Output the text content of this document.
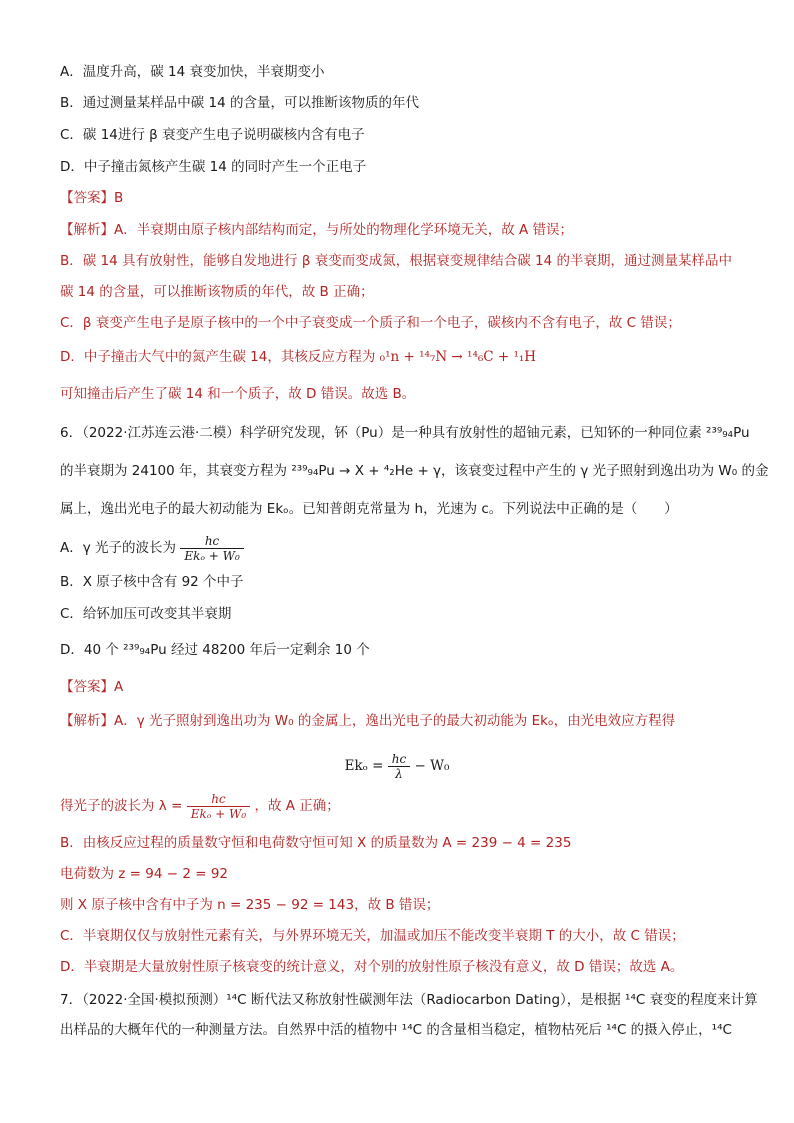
A．温度升高，碳 14 衰变加快，半衰期变小
B．通过测量某样品中碳 14 的含量，可以推断该物质的年代
C．碳 14进行 β 衰变产生电子说明碳核内含有电子
D．中子撞击氮核产生碳 14 的同时产生一个正电子
【答案】B
【解析】A．半衰期由原子核内部结构而定，与所处的物理化学环境无关，故 A 错误；
B．碳 14 具有放射性，能够自发地进行 β 衰变而变成氮，根据衰变规律结合碳 14 的半衰期，通过测量某样品中
碳 14 的含量，可以推断该物质的年代，故 B 正确；
C．β 衰变产生电子是原子核中的一个中子衰变成一个质子和一个电子，碳核内不含有电子，故 C 错误；
D．中子撞击大气中的氮产生碳 14，其核反应方程为 ₀¹n + ¹⁴₇N → ¹⁴₆C + ¹₁H
可知撞击后产生了碳 14 和一个质子，故 D 错误。故选 B。
6．（2022·江苏连云港·二模）科学研究发现，钚（Pu）是一种具有放射性的超铀元素，已知钚的一种同位素 ²³⁹₉₄Pu
的半衰期为 24100 年，其衰变方程为 ²³⁹₉₄Pu → X + ⁴₂He + γ，该衰变过程中产生的 γ 光子照射到逸出功为 W₀ 的金
属上，逸出光电子的最大初动能为 Ekₒ。已知普朗克常量为 h，光速为 c。下列说法中正确的是（　　）
A．γ 光子的波长为 $\frac{hc}{\text{Ekₒ + W₀}}$
B．X 原子核中含有 92 个中子
C．给钚加压可改变其半衰期
D．40 个 ²³⁹₉₄Pu 经过 48200 年后一定剩余 10 个
【答案】A
【解析】A．γ 光子照射到逸出功为 W₀ 的金属上，逸出光电子的最大初动能为 Ekₒ，由光电效应方程得
$Ek_o = \frac{hc}{\lambda} - W_0$
得光子的波长为 $\lambda = \frac{hc}{\text{Ekₒ + W₀}}$ ，故 A 正确；
B．由核反应过程的质量数守恒和电荷数守恒可知 X 的质量数为 A = 239 − 4 = 235
电荷数为 z = 94 − 2 = 92
则 X 原子核中含有中子为 n = 235 − 92 = 143，故 B 错误；
C．半衰期仅仅与放射性元素有关，与外界环境无关，加温或加压不能改变半衰期 T 的大小，故 C 错误；
D．半衰期是大量放射性原子核衰变的统计意义，对个别的放射性原子核没有意义，故 D 错误；故选 A。
7．（2022·全国·模拟预测）¹⁴C 断代法又称放射性碳测年法（Radiocarbon Dating），是根据 ¹⁴C 衰变的程度来计算
出样品的大概年代的一种测量方法。自然界中活的植物中 ¹⁴C 的含量相当稳定，植物枯死后 ¹⁴C 的摄入停止，¹⁴C
